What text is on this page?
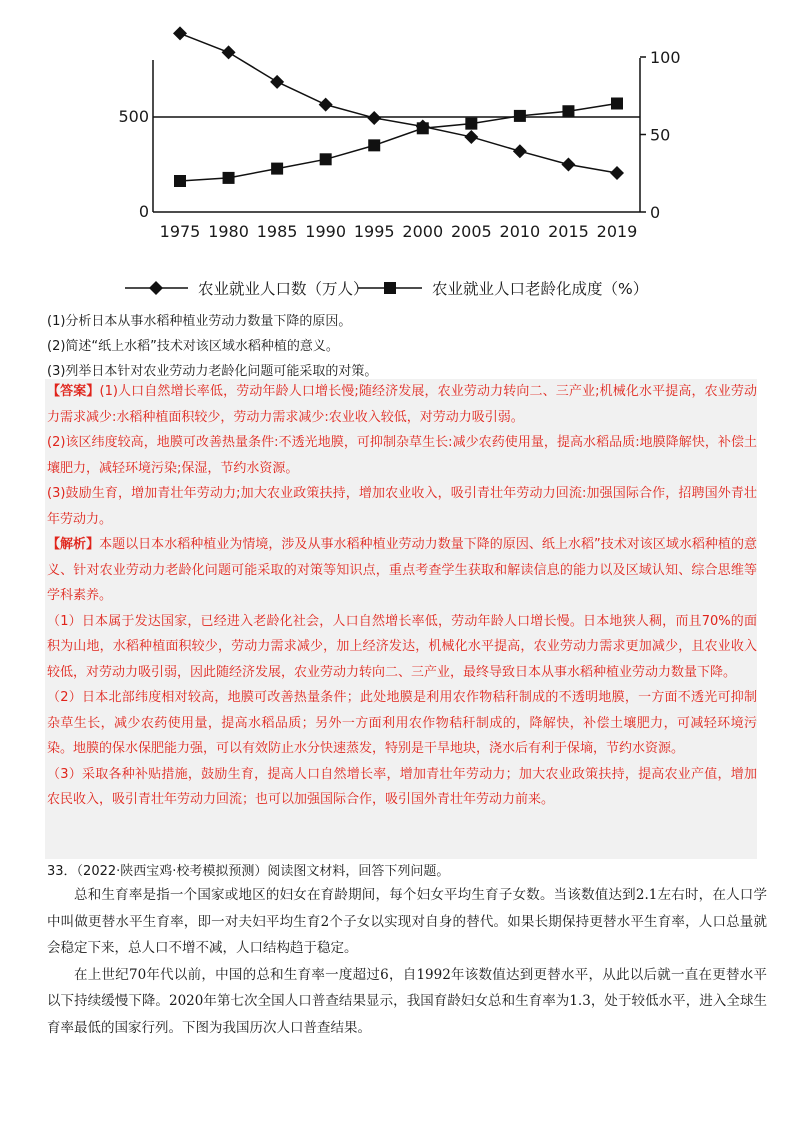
0
500
0
50
100
1975 1980 1985 1990 1995 2000 2005 2010 2015 2019
农业就业人口数（万人）	农业就业人口老龄化成度（%）
(1)分析日本从事水稻种植业劳动力数量下降的原因。
(2)简述“纸上水稻”技术对该区域水稻种植的意义。
(3)列举日本针对农业劳动力老龄化问题可能采取的对策。
【答案】(1)人口自然增长率低，劳动年龄人口增长慢;随经济发展，农业劳动力转向二、三产业;机械化水平提高，农业劳动力需求减少:水稻种植面积较少，劳动力需求减少:农业收入较低，对劳动力吸引弱。
(2)该区纬度较高，地膜可改善热量条件:不透光地膜，可抑制杂草生长:减少农药使用量，提高水稻品质:地膜降解快，补偿土壤肥力，减轻环境污染;保湿，节约水资源。
(3)鼓励生育，增加青壮年劳动力;加大农业政策扶持，增加农业收入，吸引青壮年劳动力回流:加强国际合作，招聘国外青壮年劳动力。
【解析】本题以日本水稻种植业为情境，涉及从事水稻种植业劳动力数量下降的原因、纸上水稻”技术对该区域水稻种植的意义、针对农业劳动力老龄化问题可能采取的对策等知识点，重点考查学生获取和解读信息的能力以及区域认知、综合思维等学科素养。
（1）日本属于发达国家，已经进入老龄化社会，人口自然增长率低，劳动年龄人口增长慢。日本地狭人稠，而且70%的面积为山地，水稻种植面积较少，劳动力需求减少，加上经济发达，机械化水平提高，农业劳动力需求更加减少，且农业收入较低，对劳动力吸引弱，因此随经济发展，农业劳动力转向二、三产业，最终导致日本从事水稻种植业劳动力数量下降。
（2）日本北部纬度相对较高，地膜可改善热量条件；此处地膜是利用农作物秸秆制成的不透明地膜，一方面不透光可抑制杂草生长，减少农药使用量，提高水稻品质；另外一方面利用农作物秸秆制成的，降解快，补偿土壤肥力，可减轻环境污染。地膜的保水保肥能力强，可以有效防止水分快速蒸发，特别是干旱地块，浇水后有利于保墒，节约水资源。
（3）采取各种补贴措施，鼓励生育，提高人口自然增长率，增加青壮年劳动力；加大农业政策扶持，提高农业产值，增加农民收入，吸引青壮年劳动力回流；也可以加强国际合作，吸引国外青壮年劳动力前来。
33．（2022·陕西宝鸡·校考模拟预测）阅读图文材料，回答下列问题。
总和生育率是指一个国家或地区的妇女在育龄期间，每个妇女平均生育子女数。当该数值达到2.1左右时，在人口学中叫做更替水平生育率，即一对夫妇平均生育2个子女以实现对自身的替代。如果长期保持更替水平生育率，人口总量就会稳定下来，总人口不增不减，人口结构趋于稳定。
在上世纪70年代以前，中国的总和生育率一度超过6，自1992年该数值达到更替水平，从此以后就一直在更替水平以下持续缓慢下降。2020年第七次全国人口普查结果显示，我国育龄妇女总和生育率为1.3，处于较低水平，进入全球生育率最低的国家行列。下图为我国历次人口普查结果。
